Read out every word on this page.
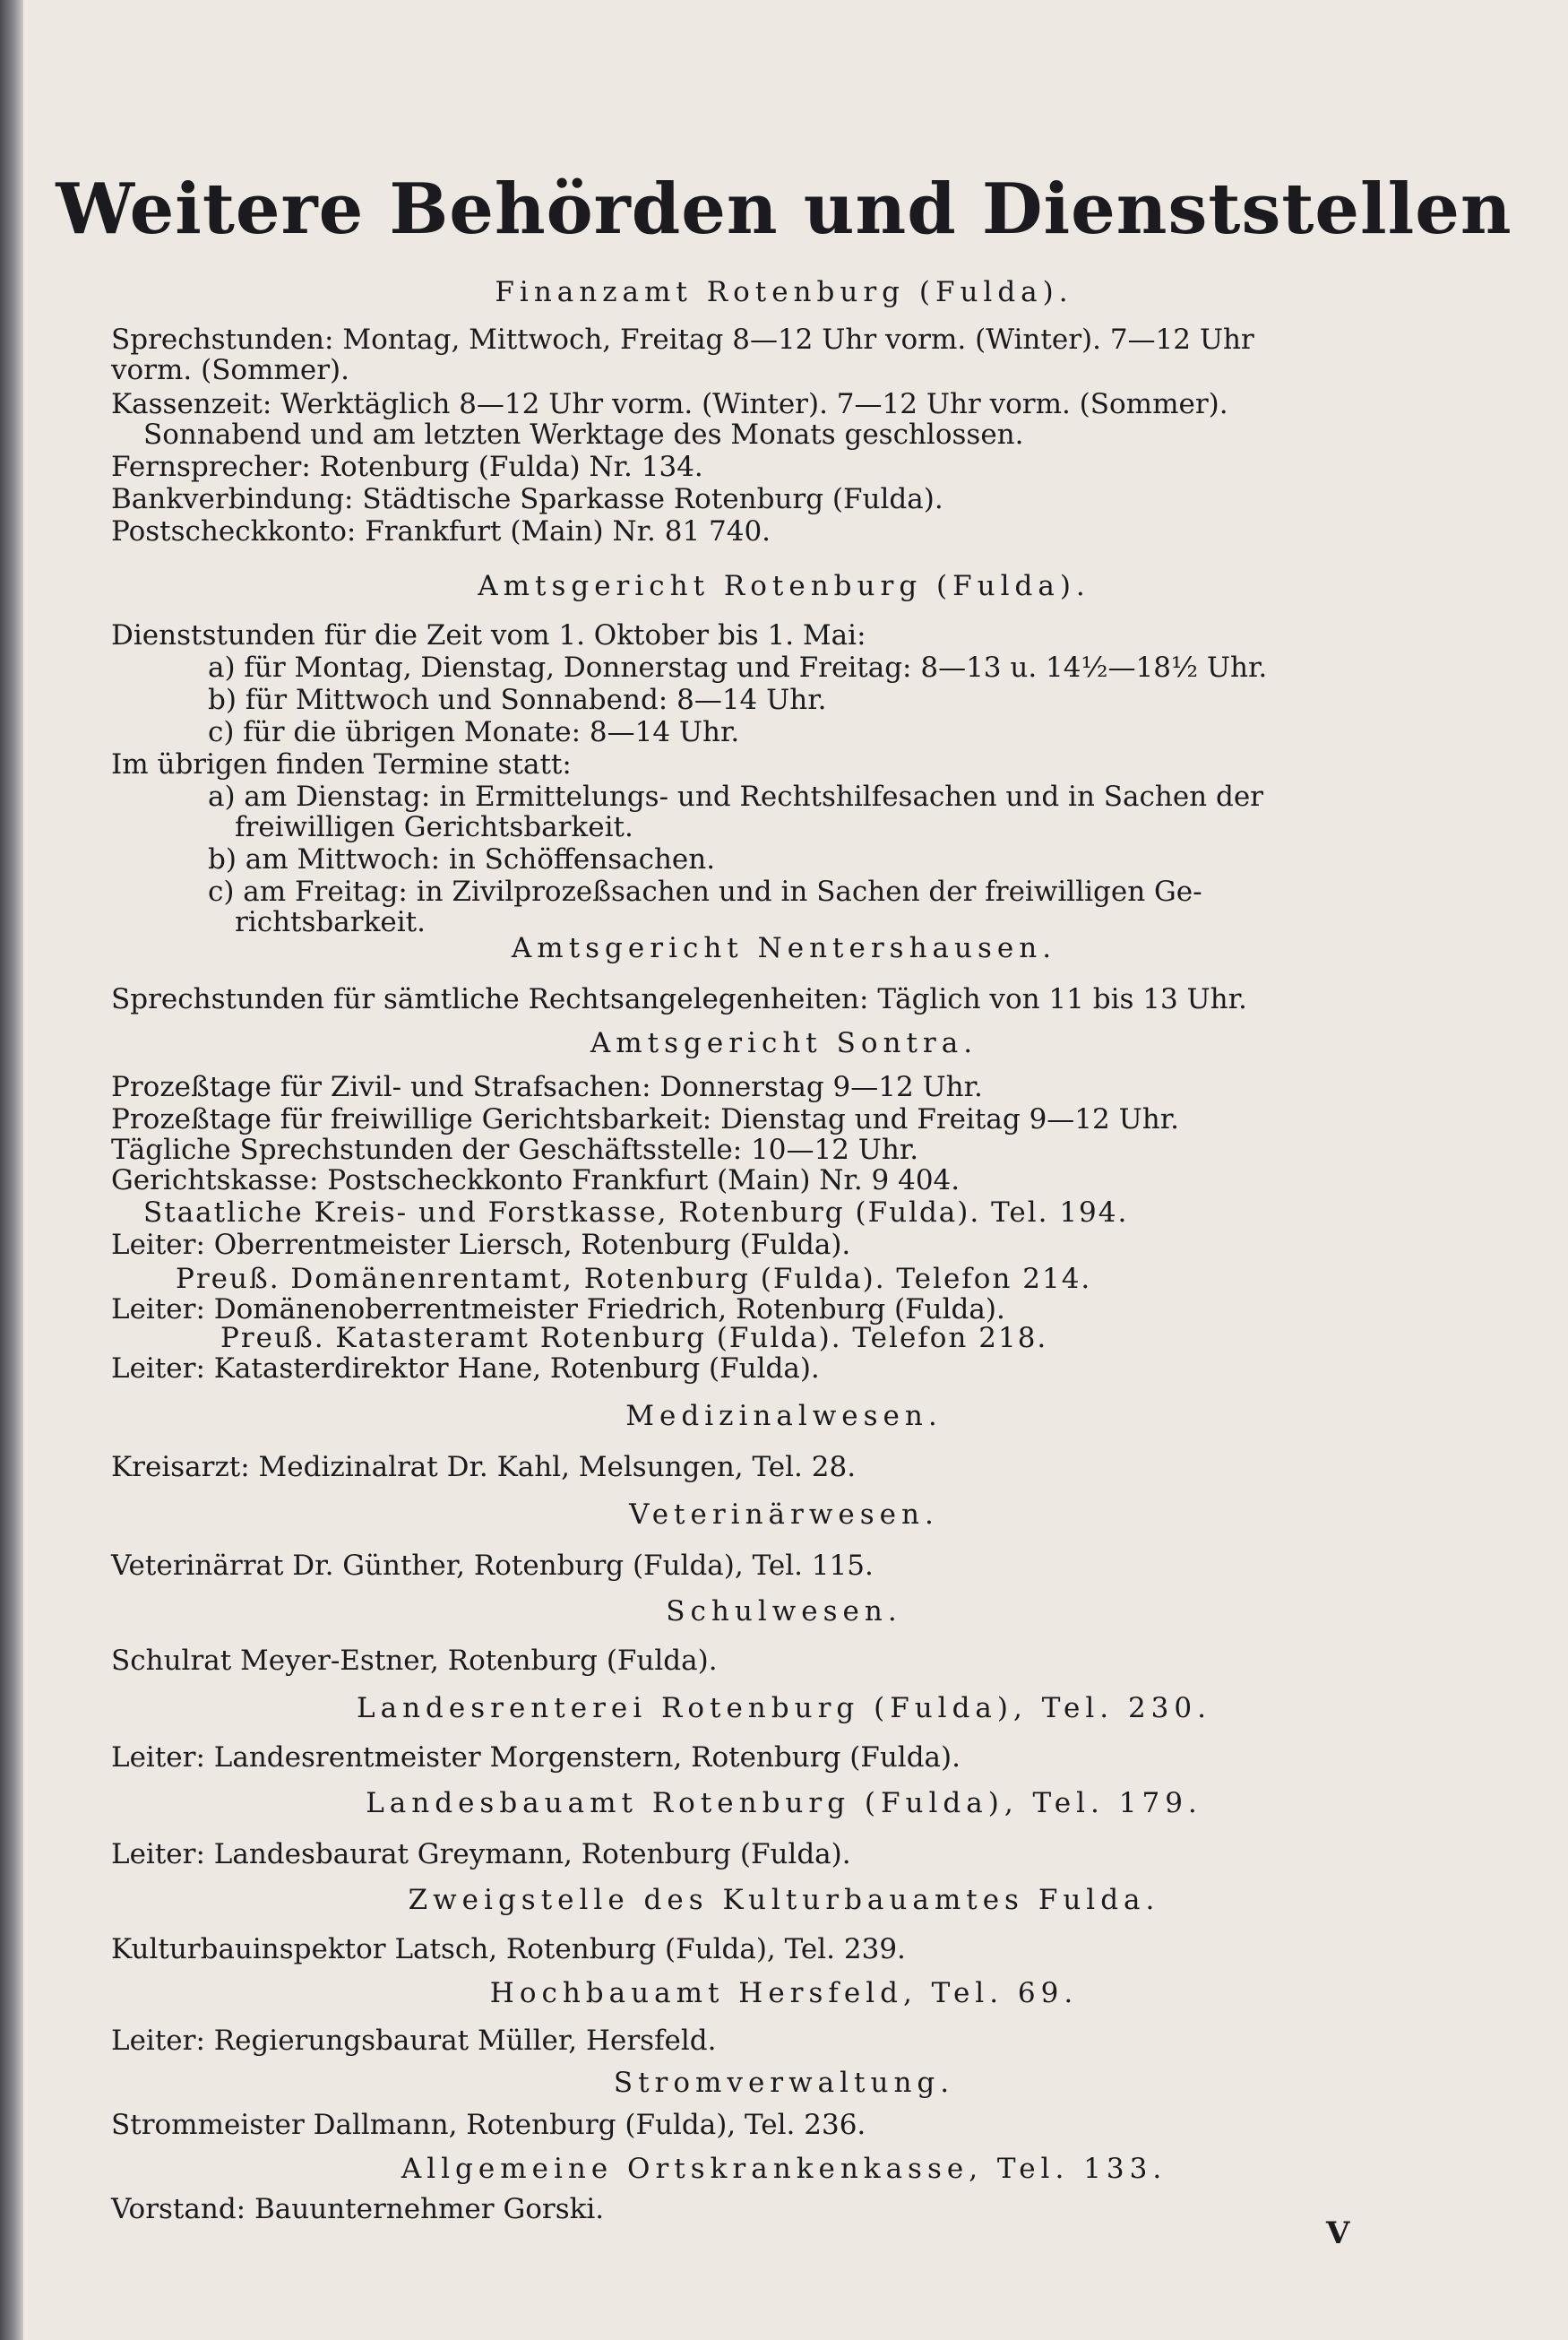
Weitere Behörden und Dienststellen
Finanzamt Rotenburg (Fulda).
Sprechstunden: Montag, Mittwoch, Freitag 8—12 Uhr vorm. (Winter). 7—12 Uhr
vorm. (Sommer).
Kassenzeit: Werktäglich 8—12 Uhr vorm. (Winter). 7—12 Uhr vorm. (Sommer).
Sonnabend und am letzten Werktage des Monats geschlossen.
Fernsprecher: Rotenburg (Fulda) Nr. 134.
Bankverbindung: Städtische Sparkasse Rotenburg (Fulda).
Postscheckkonto: Frankfurt (Main) Nr. 81 740.
Amtsgericht Rotenburg (Fulda).
Dienststunden für die Zeit vom 1. Oktober bis 1. Mai:
a) für Montag, Dienstag, Donnerstag und Freitag: 8—13 u. 14½—18½ Uhr.
b) für Mittwoch und Sonnabend: 8—14 Uhr.
c) für die übrigen Monate: 8—14 Uhr.
Im übrigen finden Termine statt:
a) am Dienstag: in Ermittelungs- und Rechtshilfesachen und in Sachen der
freiwilligen Gerichtsbarkeit.
b) am Mittwoch: in Schöffensachen.
c) am Freitag: in Zivilprozeßsachen und in Sachen der freiwilligen Ge-
richtsbarkeit.
Amtsgericht Nentershausen.
Sprechstunden für sämtliche Rechtsangelegenheiten: Täglich von 11 bis 13 Uhr.
Amtsgericht Sontra.
Prozeßtage für Zivil- und Strafsachen: Donnerstag 9—12 Uhr.
Prozeßtage für freiwillige Gerichtsbarkeit: Dienstag und Freitag 9—12 Uhr.
Tägliche Sprechstunden der Geschäftsstelle: 10—12 Uhr.
Gerichtskasse: Postscheckkonto Frankfurt (Main) Nr. 9 404.
Staatliche Kreis- und Forstkasse, Rotenburg (Fulda). Tel. 194.
Leiter: Oberrentmeister Liersch, Rotenburg (Fulda).
Preuß. Domänenrentamt, Rotenburg (Fulda). Telefon 214.
Leiter: Domänenoberrentmeister Friedrich, Rotenburg (Fulda).
Preuß. Katasteramt Rotenburg (Fulda). Telefon 218.
Leiter: Katasterdirektor Hane, Rotenburg (Fulda).
Medizinalwesen.
Kreisarzt: Medizinalrat Dr. Kahl, Melsungen, Tel. 28.
Veterinärwesen.
Veterinärrat Dr. Günther, Rotenburg (Fulda), Tel. 115.
Schulwesen.
Schulrat Meyer-Estner, Rotenburg (Fulda).
Landesrenterei Rotenburg (Fulda), Tel. 230.
Leiter: Landesrentmeister Morgenstern, Rotenburg (Fulda).
Landesbauamt Rotenburg (Fulda), Tel. 179.
Leiter: Landesbaurat Greymann, Rotenburg (Fulda).
Zweigstelle des Kulturbauamtes Fulda.
Kulturbauinspektor Latsch, Rotenburg (Fulda), Tel. 239.
Hochbauamt Hersfeld, Tel. 69.
Leiter: Regierungsbaurat Müller, Hersfeld.
Stromverwaltung.
Strommeister Dallmann, Rotenburg (Fulda), Tel. 236.
Allgemeine Ortskrankenkasse, Tel. 133.
Vorstand: Bauunternehmer Gorski.
V
